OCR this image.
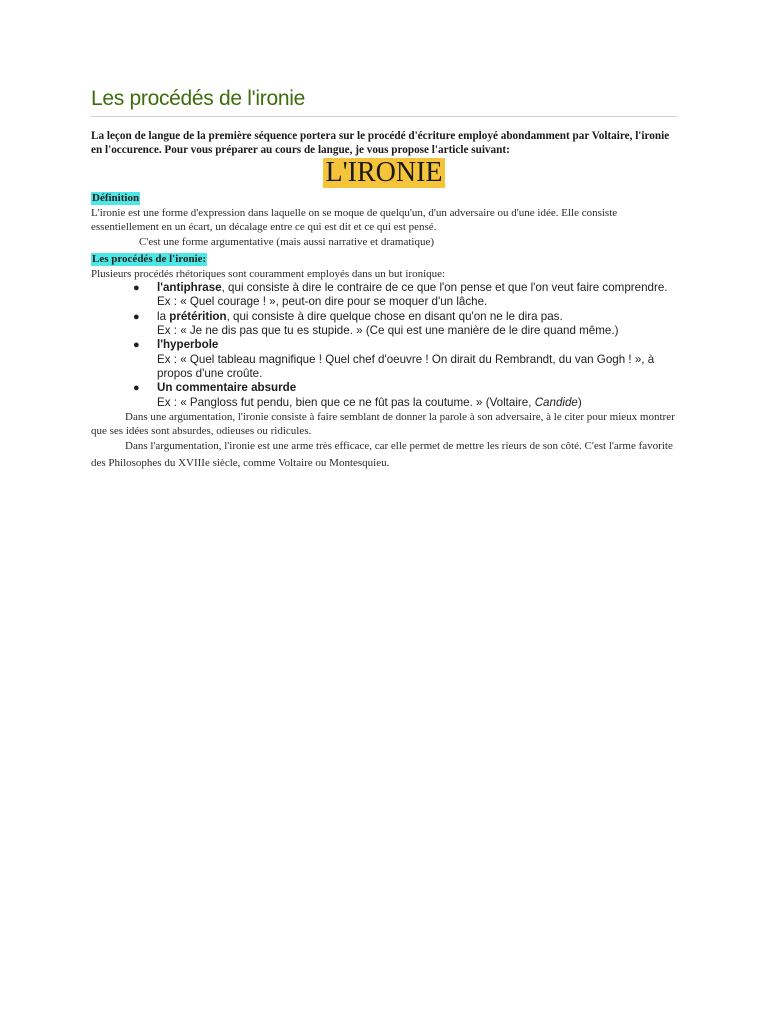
Les procédés de l'ironie

La leçon de langue de la première séquence portera sur le procédé d'écriture employé abondamment par Voltaire, l'ironie en l'occurence. Pour vous préparer au cours de langue, je vous propose l'article suivant:

L'IRONIE
Définition

L'ironie est une forme d'expression dans laquelle on se moque de quelqu'un, d'un adversaire ou d'une idée. Elle consiste essentiellement en un écart, un décalage entre ce qui est dit et ce qui est pensé.

C'est une forme argumentative (mais aussi narrative et dramatique)

Les procédés de l'ironie:

Plusieurs procédés rhétoriques sont couramment employés dans un but ironique:

● l'antiphrase, qui consiste à dire le contraire de ce que l'on pense et que l'on veut faire comprendre.
Ex : « Quel courage ! », peut-on dire pour se moquer d'un lâche.
● la prétérition, qui consiste à dire quelque chose en disant qu'on ne le dira pas.
Ex : « Je ne dis pas que tu es stupide. » (Ce qui est une manière de le dire quand même.)
● l'hyperbole
Ex : « Quel tableau magnifique ! Quel chef d'oeuvre ! On dirait du Rembrandt, du van Gogh ! », à propos d'une croûte.
● Un commentaire absurde
Ex : « Pangloss fut pendu, bien que ce ne fût pas la coutume. » (Voltaire, Candide)

Dans une argumentation, l'ironie consiste à faire semblant de donner la parole à son adversaire, à le citer pour mieux montrer que ses idées sont absurdes, odieuses ou ridicules.

Dans l'argumentation, l'ironie est une arme très efficace, car elle permet de mettre les rieurs de son côté. C'est l'arme favorite des Philosophes du XVIIIe siècle, comme Voltaire ou Montesquieu.
